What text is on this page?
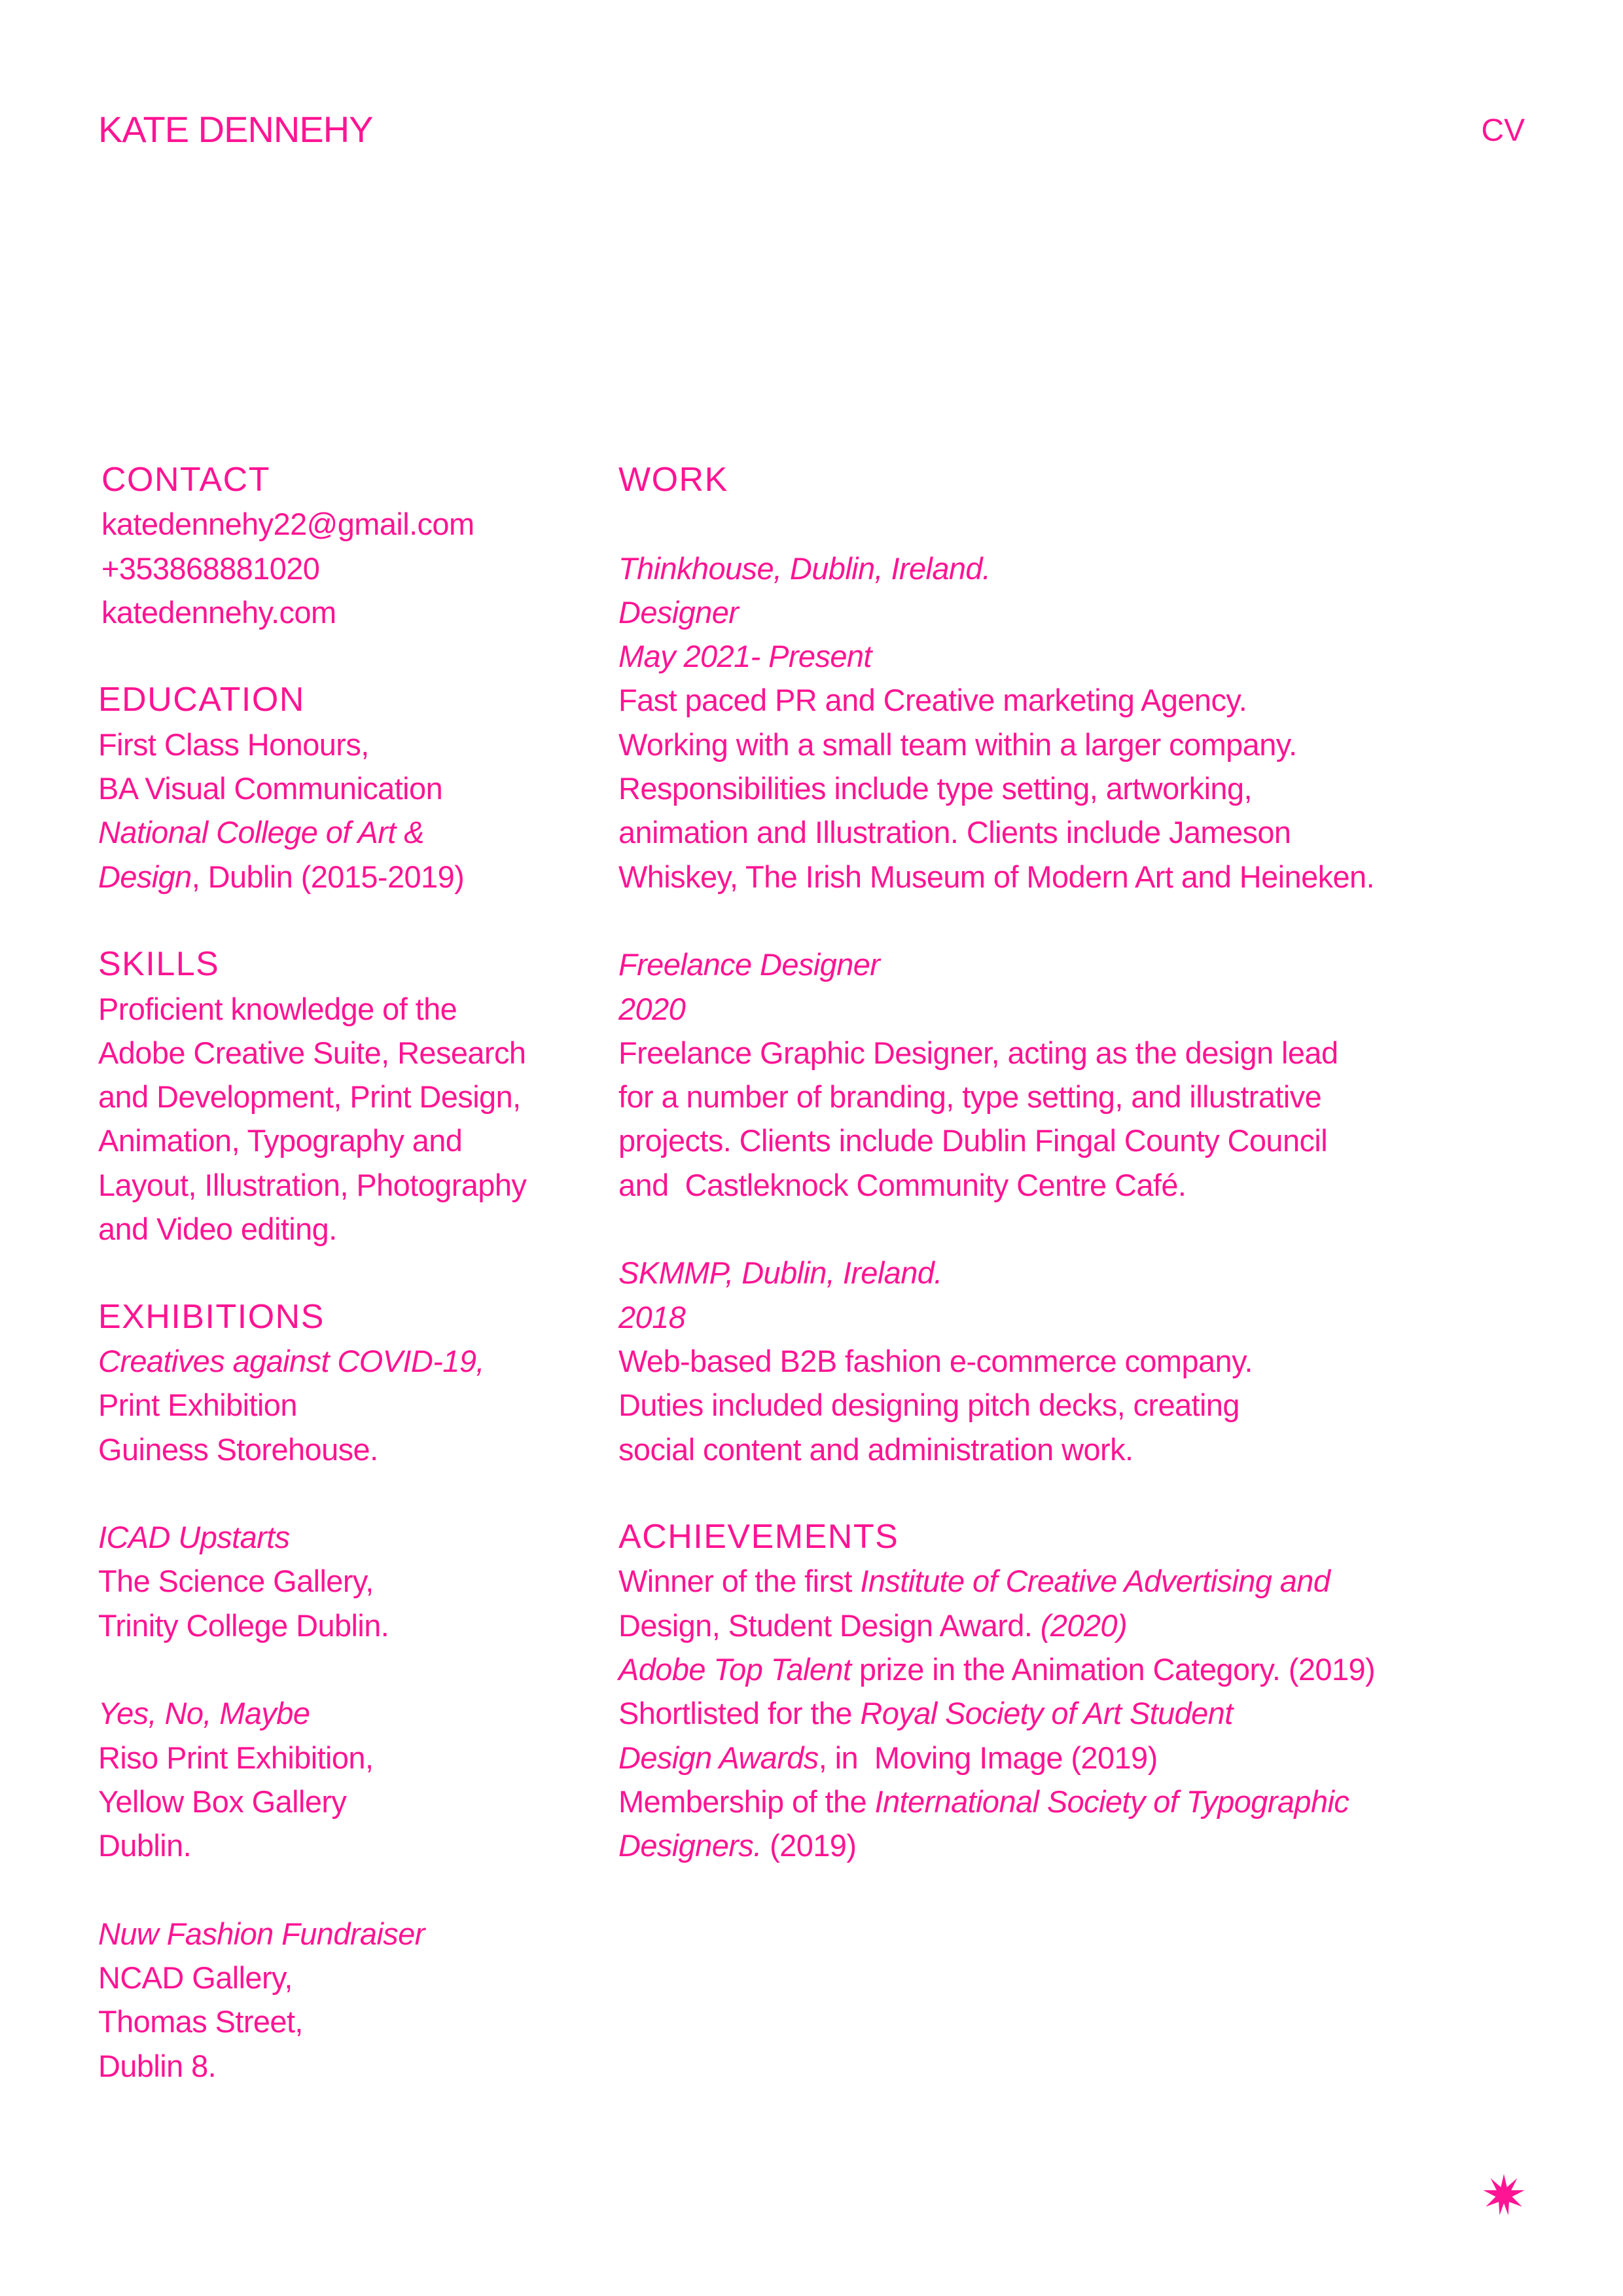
KATE DENNEHY	CV
CONTACT
katedennehy22@gmail.com
+353868881020
katedennehy.com
EDUCATION
First Class Honours,
BA Visual Communication
National College of Art &
Design, Dublin (2015-2019)
SKILLS
Proficient knowledge of the
Adobe Creative Suite, Research
and Development, Print Design,
Animation, Typography and
Layout, Illustration, Photography
and Video editing.
EXHIBITIONS
Creatives against COVID-19,
Print Exhibition
Guiness Storehouse.
ICAD Upstarts
The Science Gallery,
Trinity College Dublin.
Yes, No, Maybe
Riso Print Exhibition,
Yellow Box Gallery
Dublin.
Nuw Fashion Fundraiser
NCAD Gallery,
Thomas Street,
Dublin 8.
WORK
Thinkhouse, Dublin, Ireland.
Designer
May 2021- Present
Fast paced PR and Creative marketing Agency.
Working with a small team within a larger company.
Responsibilities include type setting, artworking,
animation and Illustration. Clients include Jameson
Whiskey, The Irish Museum of Modern Art and Heineken.
Freelance Designer
2020
Freelance Graphic Designer, acting as the design lead
for a number of branding, type setting, and illustrative
projects. Clients include Dublin Fingal County Council
and  Castleknock Community Centre Café.
SKMMP, Dublin, Ireland.
2018
Web-based B2B fashion e-commerce company.
Duties included designing pitch decks, creating
social content and administration work.
ACHIEVEMENTS
Winner of the first Institute of Creative Advertising and
Design, Student Design Award. (2020)
Adobe Top Talent prize in the Animation Category. (2019)
Shortlisted for the Royal Society of Art Student
Design Awards, in  Moving Image (2019)
Membership of the International Society of Typographic
Designers. (2019)
